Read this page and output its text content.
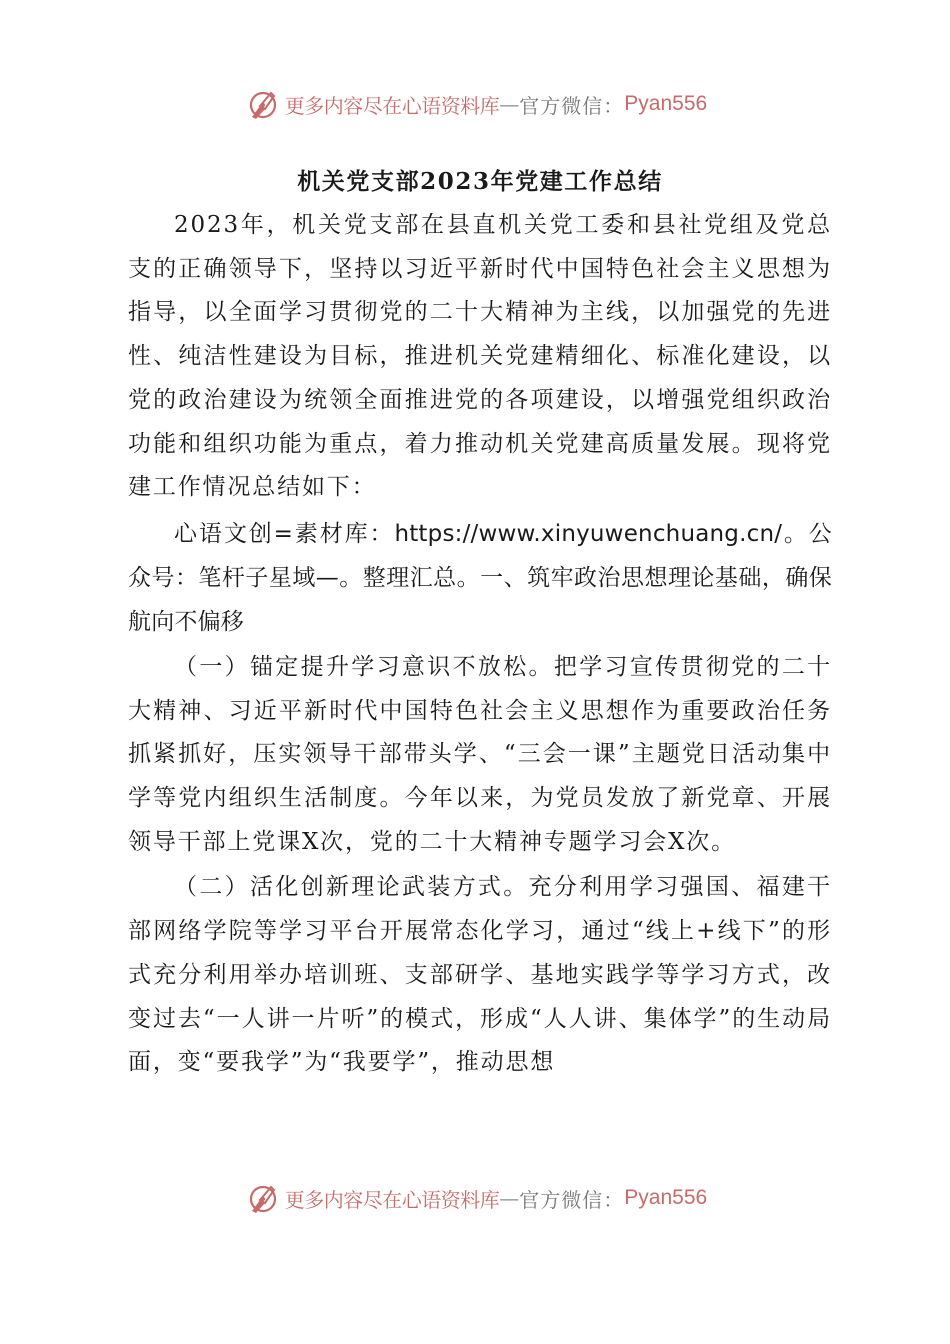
更多内容尽在心语资料库 — 官方微信： Pyan556
机关党支部2023年党建工作总结

2023年，机关党支部在县直机关党工委和县社党组及党总支的正确领导下，坚持以习近平新时代中国特色社会主义思想为指导，以全面学习贯彻党的二十大精神为主线，以加强党的先进性、纯洁性建设为目标，推进机关党建精细化、标准化建设，以党的政治建设为统领全面推进党的各项建设，以增强党组织政治功能和组织功能为重点，着力推动机关党建高质量发展。现将党建工作情况总结如下：

心语文创=素材库：https://www.xinyuwenchuang.cn/。公众号：笔杆子星域—。整理汇总。一、筑牢政治思想理论基础，确保航向不偏移

（一）锚定提升学习意识不放松。把学习宣传贯彻党的二十大精神、习近平新时代中国特色社会主义思想作为重要政治任务抓紧抓好，压实领导干部带头学、“三会一课”主题党日活动集中学等党内组织生活制度。今年以来，为党员发放了新党章、开展领导干部上党课X次，党的二十大精神专题学习会X次。

（二）活化创新理论武装方式。充分利用学习强国、福建干部网络学院等学习平台开展常态化学习，通过“线上+线下”的形式充分利用举办培训班、支部研学、基地实践学等学习方式，改变过去“一人讲一片听”的模式，形成“人人讲、集体学”的生动局面，变“要我学”为“我要学”，推动思想

更多内容尽在心语资料库 — 官方微信： Pyan556
